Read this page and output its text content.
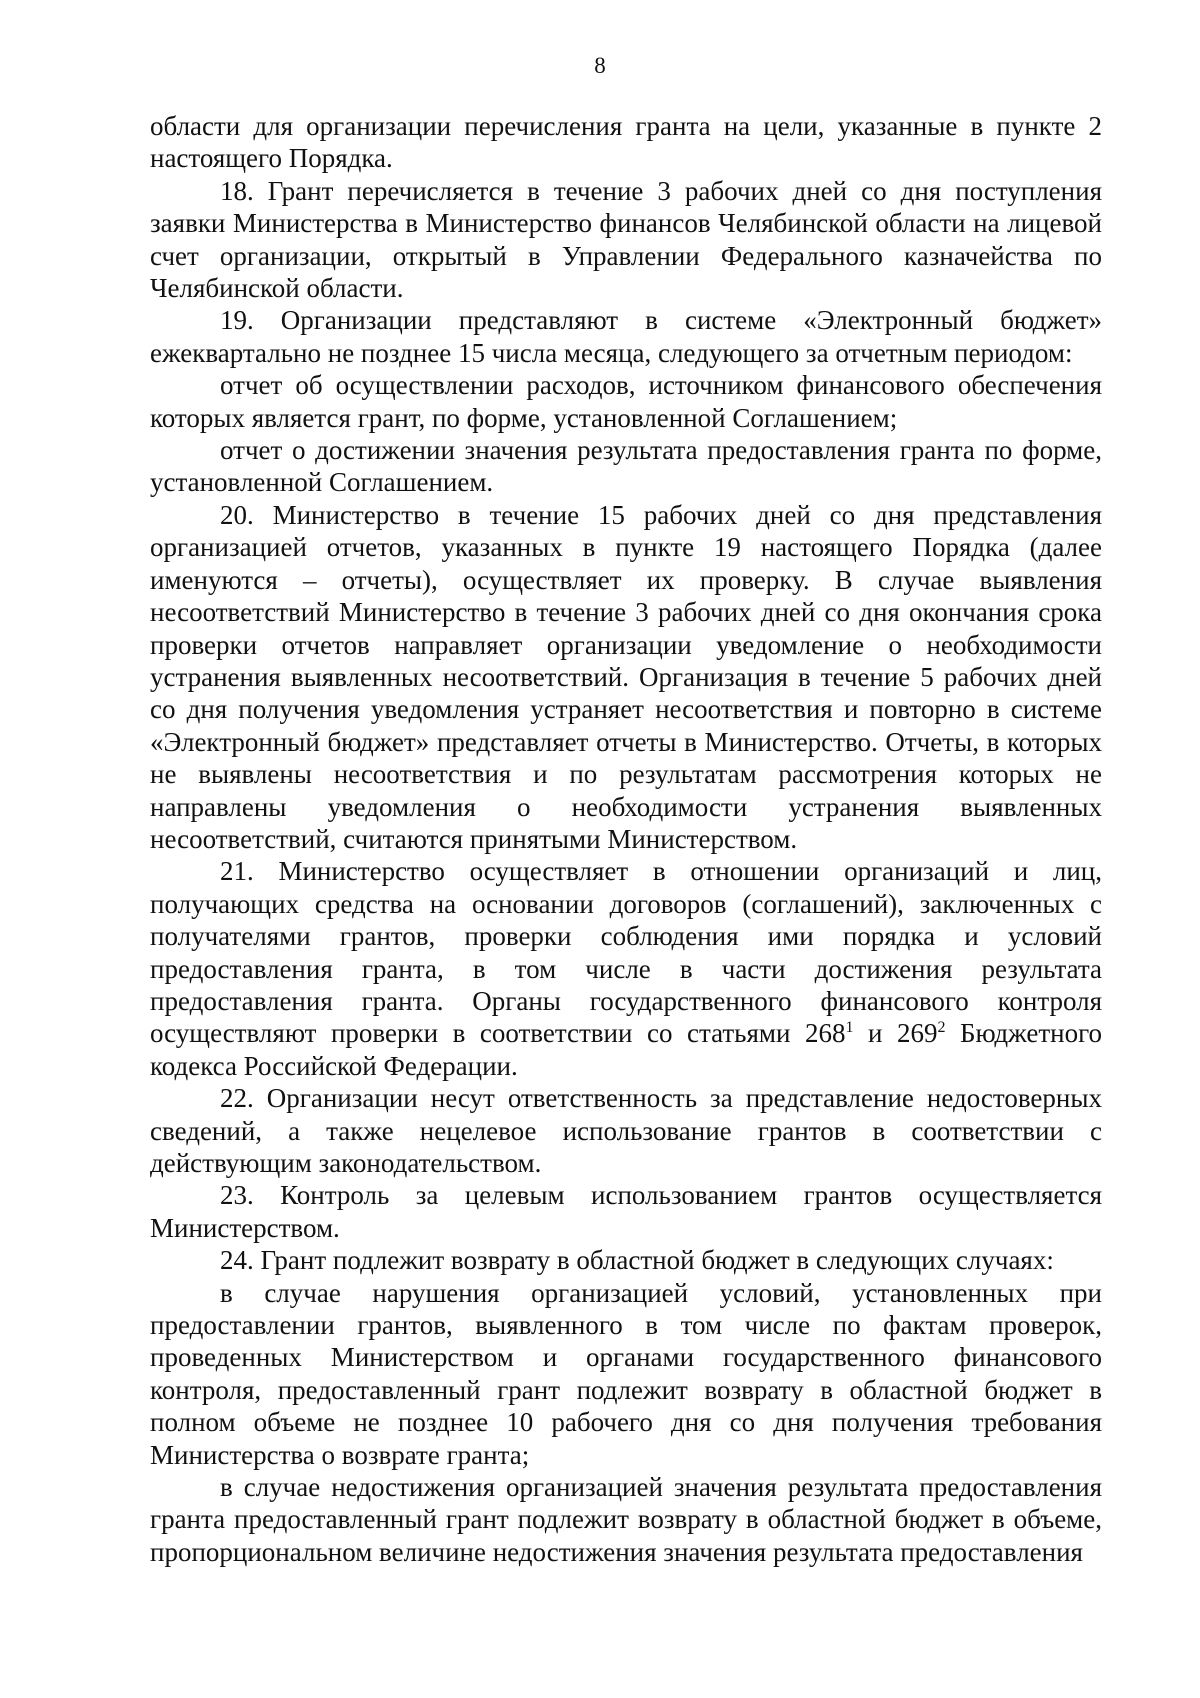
8

области для организации перечисления гранта на цели, указанные в пункте 2 настоящего Порядка.

18. Грант перечисляется в течение 3 рабочих дней со дня поступления заявки Министерства в Министерство финансов Челябинской области на лицевой счет организации, открытый в Управлении Федерального казначейства по Челябинской области.

19. Организации представляют в системе «Электронный бюджет» ежеквартально не позднее 15 числа месяца, следующего за отчетным периодом:

отчет об осуществлении расходов, источником финансового обеспечения которых является грант, по форме, установленной Соглашением;

отчет о достижении значения результата предоставления гранта по форме, установленной Соглашением.

20. Министерство в течение 15 рабочих дней со дня представления организацией отчетов, указанных в пункте 19 настоящего Порядка (далее именуются – отчеты), осуществляет их проверку. В случае выявления несоответствий Министерство в течение 3 рабочих дней со дня окончания срока проверки отчетов направляет организации уведомление о необходимости устранения выявленных несоответствий. Организация в течение 5 рабочих дней со дня получения уведомления устраняет несоответствия и повторно в системе «Электронный бюджет» представляет отчеты в Министерство. Отчеты, в которых не выявлены несоответствия и по результатам рассмотрения которых не направлены уведомления о необходимости устранения выявленных несоответствий, считаются принятыми Министерством.

21. Министерство осуществляет в отношении организаций и лиц, получающих средства на основании договоров (соглашений), заключенных с получателями грантов, проверки соблюдения ими порядка и условий предоставления гранта, в том числе в части достижения результата предоставления гранта. Органы государственного финансового контроля осуществляют проверки в соответствии со статьями $268^1$ и $269^2$ Бюджетного кодекса Российской Федерации.

22. Организации несут ответственность за представление недостоверных сведений, а также нецелевое использование грантов в соответствии с действующим законодательством.

23. Контроль за целевым использованием грантов осуществляется Министерством.

24. Грант подлежит возврату в областной бюджет в следующих случаях:

в случае нарушения организацией условий, установленных при предоставлении грантов, выявленного в том числе по фактам проверок, проведенных Министерством и органами государственного финансового контроля, предоставленный грант подлежит возврату в областной бюджет в полном объеме не позднее 10 рабочего дня со дня получения требования Министерства о возврате гранта;

в случае недостижения организацией значения результата предоставления гранта предоставленный грант подлежит возврату в областной бюджет в объеме, пропорциональном величине недостижения значения результата предоставления
